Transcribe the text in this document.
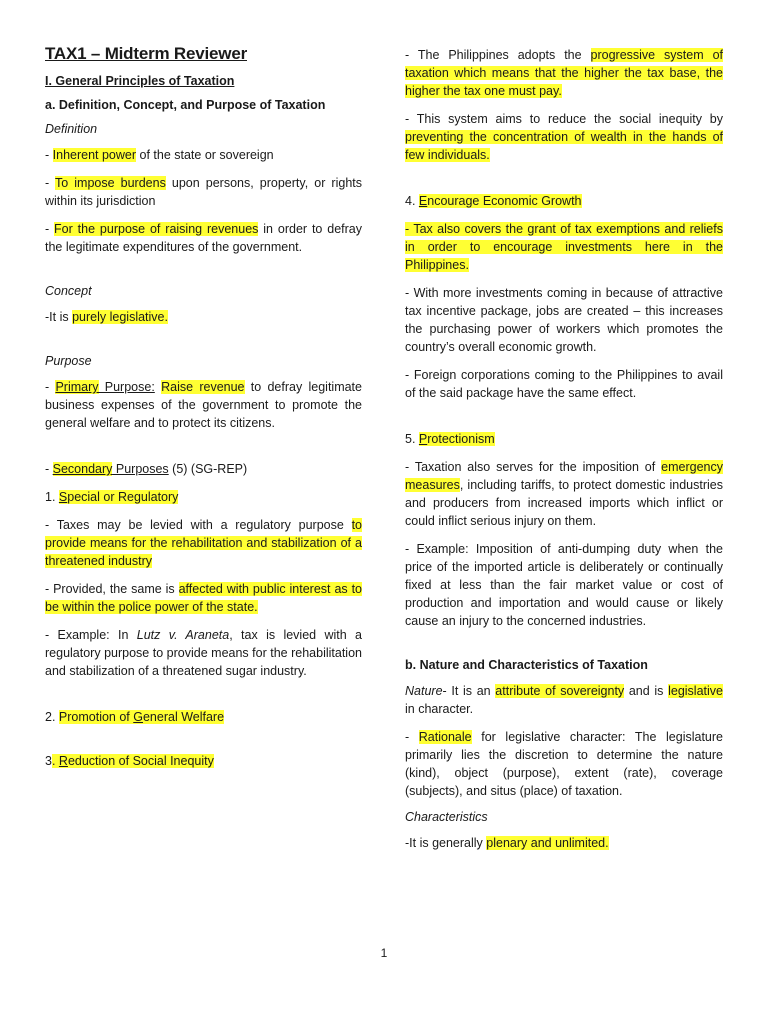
TAX1 – Midterm Reviewer
I. General Principles of Taxation
a. Definition, Concept, and Purpose of Taxation
Definition

- Inherent power of the state or sovereign

- To impose burdens upon persons, property, or rights within its jurisdiction

- For the purpose of raising revenues in order to defray the legitimate expenditures of the government.

Concept

-It is purely legislative.

Purpose

- Primary Purpose: Raise revenue to defray legitimate business expenses of the government to promote the general welfare and to protect its citizens.

- Secondary Purposes (5) (SG-REP)

1. Special or Regulatory

- Taxes may be levied with a regulatory purpose to provide means for the rehabilitation and stabilization of a threatened industry

- Provided, the same is affected with public interest as to be within the police power of the state.

- Example: In Lutz v. Araneta, tax is levied with a regulatory purpose to provide means for the rehabilitation and stabilization of a threatened sugar industry.

2. Promotion of General Welfare

3. Reduction of Social Inequity

- The Philippines adopts the progressive system of taxation which means that the higher the tax base, the higher the tax one must pay.

- This system aims to reduce the social inequity by preventing the concentration of wealth in the hands of few individuals.

4. Encourage Economic Growth

- Tax also covers the grant of tax exemptions and reliefs in order to encourage investments here in the Philippines.

- With more investments coming in because of attractive tax incentive package, jobs are created – this increases the purchasing power of workers which promotes the country’s overall economic growth.

- Foreign corporations coming to the Philippines to avail of the said package have the same effect.

5. Protectionism

- Taxation also serves for the imposition of emergency measures, including tariffs, to protect domestic industries and producers from increased imports which inflict or could inflict serious injury on them.

- Example: Imposition of anti-dumping duty when the price of the imported article is deliberately or continually fixed at less than the fair market value or cost of production and importation and would cause or likely cause an injury to the concerned industries.

b. Nature and Characteristics of Taxation

Nature- It is an attribute of sovereignty and is legislative in character.

- Rationale for legislative character: The legislature primarily lies the discretion to determine the nature (kind), object (purpose), extent (rate), coverage (subjects), and situs (place) of taxation.

Characteristics

-It is generally plenary and unlimited.

1
